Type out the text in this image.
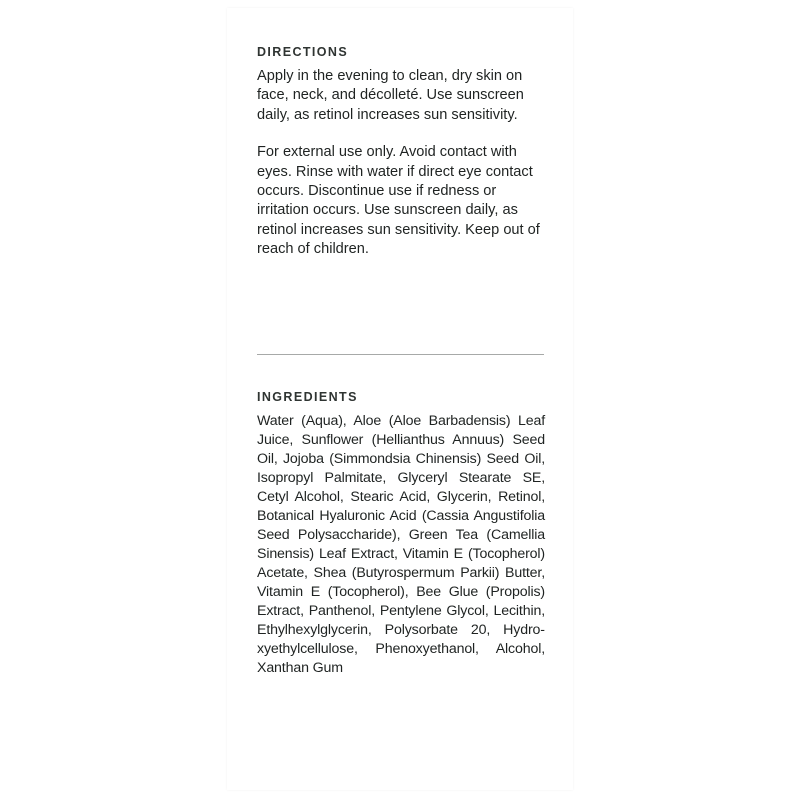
DIRECTIONS

Apply in the evening to clean, dry skin on face, neck, and décolleté. Use sunscreen daily, as retinol increases sun sensitivity.

For external use only. Avoid contact with eyes. Rinse with water if direct eye contact occurs. Discontinue use if redness or irritation occurs. Use sunscreen daily, as retinol increases sun sensitivity. Keep out of reach of children.

INGREDIENTS

Water (Aqua), Aloe (Aloe Barbadensis) Leaf Juice, Sunflower (Hellianthus Annuus) Seed Oil, Jojoba (Simmondsia Chinensis) Seed Oil, Isopropyl Palmitate, Glyceryl Stearate SE, Cetyl Alcohol, Stearic Acid, Glycerin, Retinol, Botanical Hyaluronic Acid (Cassia Angustifolia Seed Polysaccharide), Green Tea (Camellia Sinensis) Leaf Extract, Vitamin E (Tocopherol) Acetate, Shea (Butyrospermum Parkii) Butter, Vitamin E (Tocopherol), Bee Glue (Propolis) Extract, Panthenol, Pentylene Glycol, Lecithin, Ethylhexylglycerin, Polysorbate 20, Hydroxyethylcellulose, Phenoxyethanol, Alcohol, Xanthan Gum
